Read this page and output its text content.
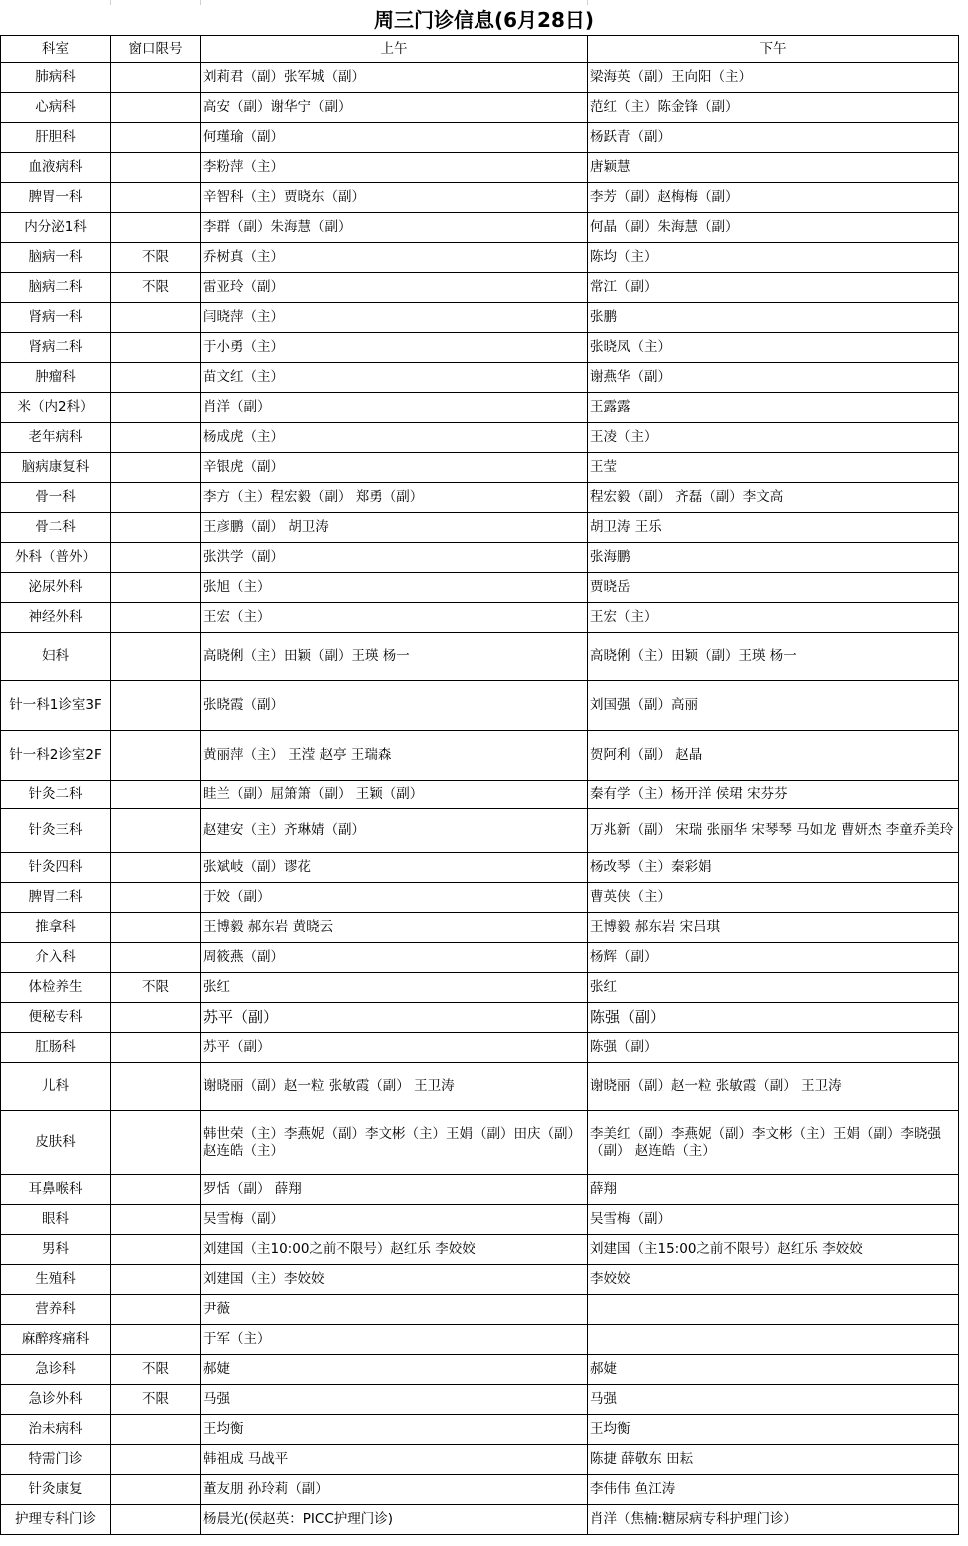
周三门诊信息(6月28日)
科室	窗口限号	上午	下午
肺病科		刘莉君（副）张军城（副）	梁海英（副）王向阳（主）
心病科		高安（副）谢华宁（副）	范红（主）陈金锋（副）
肝胆科		何瑾瑜（副）	杨跃青（副）
血液病科		李粉萍（主）	唐颖慧
脾胃一科		辛智科（主）贾晓东（副）	李芳（副）赵梅梅（副）
内分泌1科		李群（副）朱海慧（副）	何晶（副）朱海慧（副）
脑病一科	不限	乔树真（主）	陈均（主）
脑病二科	不限	雷亚玲（副）	常江（副）
肾病一科		闫晓萍（主）	张鹏
肾病二科		于小勇（主）	张晓凤（主）
肿瘤科		苗文红（主）	谢燕华（副）
米（内2科）		肖洋（副）	王露露
老年病科		杨成虎（主）	王凌（主）
脑病康复科		辛银虎（副）	王莹
骨一科		李方（主）程宏毅（副） 郑勇（副）	程宏毅（副） 齐磊（副）李文高
骨二科		王彦鹏（副） 胡卫涛	胡卫涛 王乐
外科（普外）		张洪学（副）	张海鹏
泌尿外科		张旭（主）	贾晓岳
神经外科		王宏（主）	王宏（主）
妇科		高晓俐（主）田颖（副）王瑛 杨一	高晓俐（主）田颖（副）王瑛 杨一
针一科1诊室3F		张晓霞（副）	刘国强（副）高丽
针一科2诊室2F		黄丽萍（主） 王滢 赵亭 王瑞森	贺阿利（副） 赵晶
针灸二科		眭兰（副）屈箫箫（副） 王颖（副）	秦有学（主）杨开洋 侯珺 宋芬芬
针灸三科		赵建安（主）齐琳婧（副）	万兆新（副） 宋瑞 张丽华 宋琴琴 马如龙 曹妍杰 李童乔美玲
针灸四科		张斌岐（副）谬花	杨改琴（主）秦彩娟
脾胃二科		于姣（副）	曹英侠（主）
推拿科		王博毅 郝东岩 黄晓云	王博毅 郝东岩 宋吕琪
介入科		周筱燕（副）	杨辉（副）
体检养生	不限	张红	张红
便秘专科		苏平（副）	陈强（副）
肛肠科		苏平（副）	陈强（副）
儿科		谢晓丽（副）赵一粒 张敏霞（副） 王卫涛	谢晓丽（副）赵一粒 张敏霞（副） 王卫涛
皮肤科		韩世荣（主）李燕妮（副）李文彬（主）王娟（副）田庆（副）赵连皓（主）	李美红（副）李燕妮（副）李文彬（主）王娟（副）李晓强（副） 赵连皓（主）
耳鼻喉科		罗恬（副） 薛翔	薛翔
眼科		吴雪梅（副）	吴雪梅（副）
男科		刘建国（主10:00之前不限号）赵红乐 李姣姣	刘建国（主15:00之前不限号）赵红乐 李姣姣
生殖科		刘建国（主）李姣姣	李姣姣
营养科		尹薇	
麻醉疼痛科		于军（主）	
急诊科	不限	郝婕	郝婕
急诊外科	不限	马强	马强
治未病科		王均衡	王均衡
特需门诊		韩祖成 马战平	陈捷 薛敬东 田耘
针灸康复		董友朋 孙玲莉（副）	李伟伟 鱼江涛
护理专科门诊		杨晨光(侯赵英：PICC护理门诊)	肖洋（焦楠:糖尿病专科护理门诊）
